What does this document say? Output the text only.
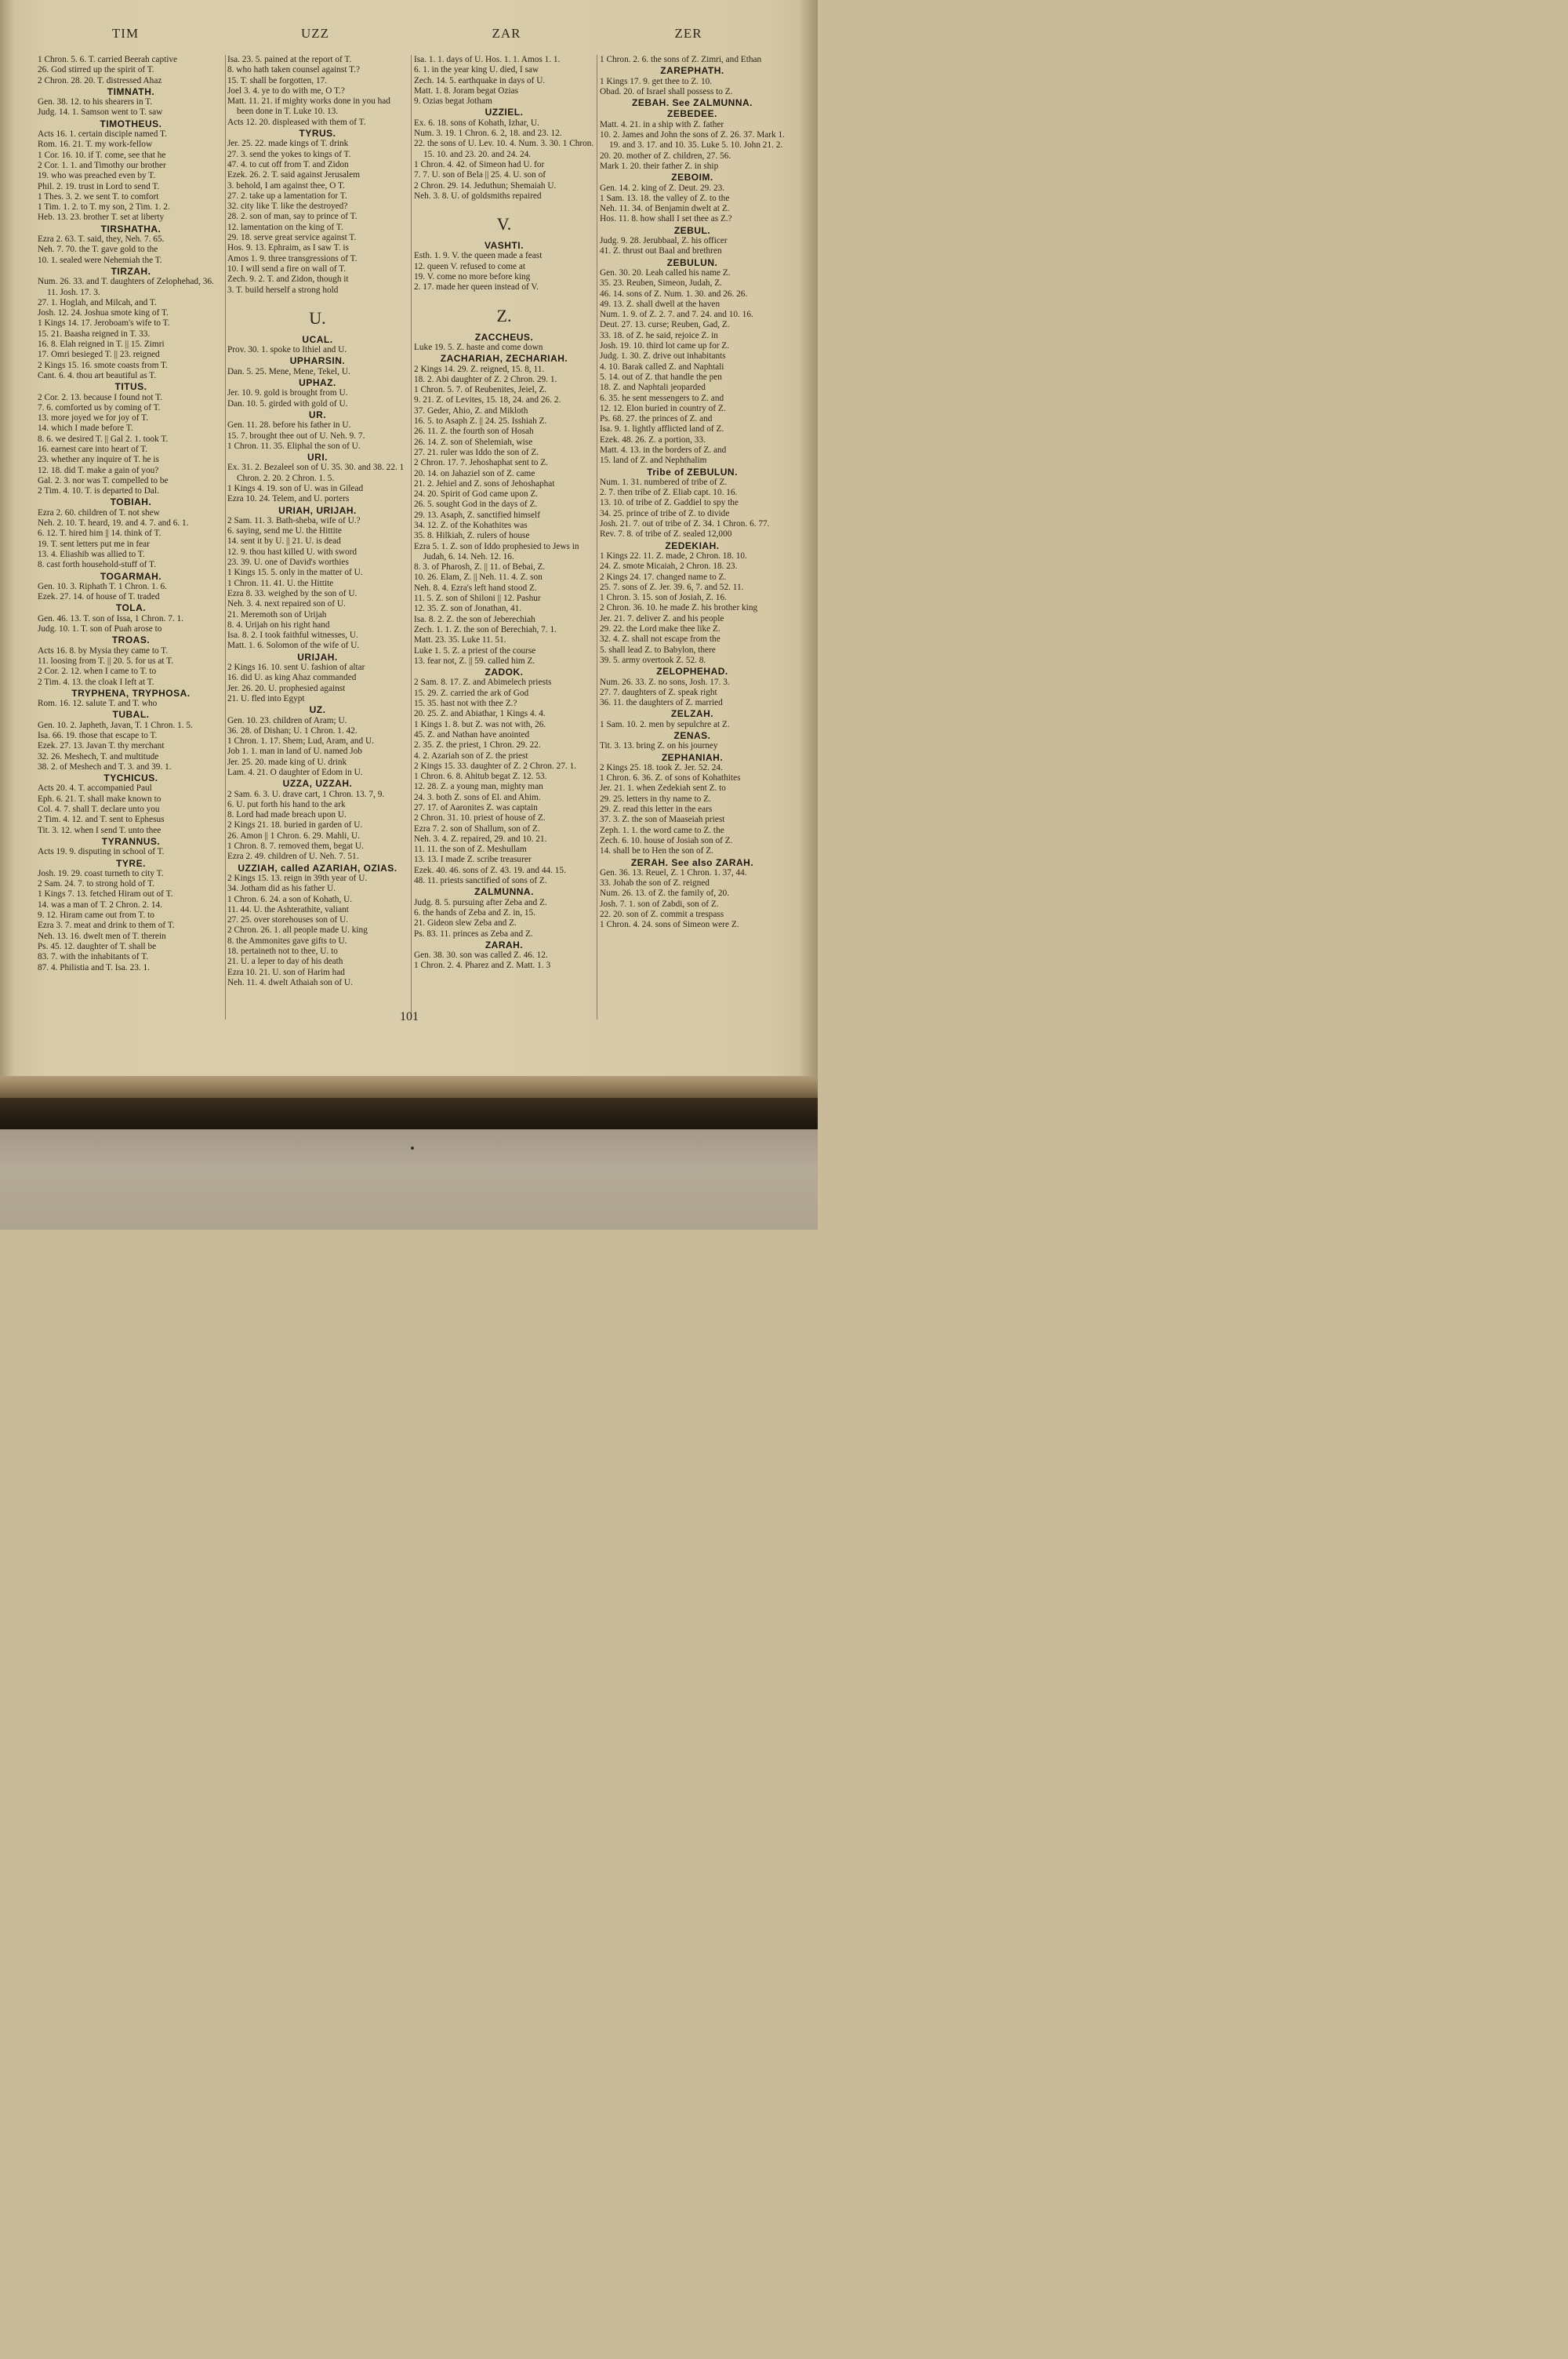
TIM	UZZ	ZAR	ZER
1 Chron. 5. 6. T. carried Beerah captive
26. God stirred up the spirit of T.
2 Chron. 28. 20. T. distressed Ahaz
TIMNATH.
Gen. 38. 12. to his shearers in T.
Judg. 14. 1. Samson went to T. saw
TIMOTHEUS.
Acts 16. 1. certain disciple named T.
Rom. 16. 21. T. my work-fellow
1 Cor. 16. 10. if T. come, see that he
2 Cor. 1. 1. and Timothy our brother
19. who was preached even by T.
Phil. 2. 19. trust in Lord to send T.
1 Thes. 3. 2. we sent T. to comfort
1 Tim. 1. 2. to T. my son, 2 Tim. 1. 2.
Heb. 13. 23. brother T. set at liberty
TIRSHATHA.
Ezra 2. 63. T. said, they, Neh. 7. 65.
Neh. 7. 70. the T. gave gold to the
10. 1. sealed were Nehemiah the T.
TIRZAH.
Num. 26. 33. and T. daughters of Zelophehad, 36. 11. Josh. 17. 3.
27. 1. Hoglah, and Milcah, and T.
Josh. 12. 24. Joshua smote king of T.
1 Kings 14. 17. Jeroboam's wife to T.
15. 21. Baasha reigned in T. 33.
16. 8. Elah reigned in T. || 15. Zimri
17. Omri besieged T. || 23. reigned
2 Kings 15. 16. smote coasts from T.
Cant. 6. 4. thou art beautiful as T.
TITUS.
2 Cor. 2. 13. because I found not T.
7. 6. comforted us by coming of T.
13. more joyed we for joy of T.
14. which I made before T.
8. 6. we desired T. || Gal 2. 1. took T.
16. earnest care into heart of T.
23. whether any inquire of T. he is
12. 18. did T. make a gain of you?
Gal. 2. 3. nor was T. compelled to be
2 Tim. 4. 10. T. is departed to Dal.
TOBIAH.
Ezra 2. 60. children of T. not shew
Neh. 2. 10. T. heard, 19. and 4. 7. and 6. 1.
6. 12. T. hired him || 14. think of T.
19. T. sent letters put me in fear
13. 4. Eliashib was allied to T.
8. cast forth household-stuff of T.
TOGARMAH.
Gen. 10. 3. Riphath T. 1 Chron. 1. 6.
Ezek. 27. 14. of house of T. traded
TOLA.
Gen. 46. 13. T. son of Issa, 1 Chron. 7. 1.
Judg. 10. 1. T. son of Puah arose to
TROAS.
Acts 16. 8. by Mysia they came to T.
11. loosing from T. || 20. 5. for us at T.
2 Cor. 2. 12. when I came to T. to
2 Tim. 4. 13. the cloak I left at T.
TRYPHENA, TRYPHOSA.
Rom. 16. 12. salute T. and T. who
TUBAL.
Gen. 10. 2. Japheth, Javan, T. 1 Chron. 1. 5.
Isa. 66. 19. those that escape to T.
Ezek. 27. 13. Javan T. thy merchant
32. 26. Meshech, T. and multitude
38. 2. of Meshech and T. 3. and 39. 1.
TYCHICUS.
Acts 20. 4. T. accompanied Paul
Eph. 6. 21. T. shall make known to
Col. 4. 7. shall T. declare unto you
2 Tim. 4. 12. and T. sent to Ephesus
Tit. 3. 12. when I send T. unto thee
TYRANNUS.
Acts 19. 9. disputing in school of T.
TYRE.
Josh. 19. 29. coast turneth to city T.
2 Sam. 24. 7. to strong hold of T.
1 Kings 7. 13. fetched Hiram out of T.
14. was a man of T. 2 Chron. 2. 14.
9. 12. Hiram came out from T. to
Ezra 3. 7. meat and drink to them of T.
Neh. 13. 16. dwelt men of T. therein
Ps. 45. 12. daughter of T. shall be
83. 7. with the inhabitants of T.
87. 4. Philistia and T. Isa. 23. 1.
Isa. 23. 5. pained at the report of T.
8. who hath taken counsel against T.?
15. T. shall be forgotten, 17.
Joel 3. 4. ye to do with me, O T.?
Matt. 11. 21. if mighty works done in you had been done in T. Luke 10. 13.
Acts 12. 20. displeased with them of T.
TYRUS.
Jer. 25. 22. made kings of T. drink
27. 3. send the yokes to kings of T.
47. 4. to cut off from T. and Zidon
Ezek. 26. 2. T. said against Jerusalem
3. behold, I am against thee, O T.
27. 2. take up a lamentation for T.
32. city like T. like the destroyed?
28. 2. son of man, say to prince of T.
12. lamentation on the king of T.
29. 18. serve great service against T.
Hos. 9. 13. Ephraim, as I saw T. is
Amos 1. 9. three transgressions of T.
10. I will send a fire on wall of T.
Zech. 9. 2. T. and Zidon, though it
3. T. build herself a strong hold
U.
UCAL.
Prov. 30. 1. spoke to Ithiel and U.
UPHARSIN.
Dan. 5. 25. Mene, Mene, Tekel, U.
UPHAZ.
Jer. 10. 9. gold is brought from U.
Dan. 10. 5. girded with gold of U.
UR.
Gen. 11. 28. before his father in U.
15. 7. brought thee out of U. Neh. 9. 7.
1 Chron. 11. 35. Eliphal the son of U.
URI.
Ex. 31. 2. Bezaleel son of U. 35. 30. and 38. 22. 1 Chron. 2. 20. 2 Chron. 1. 5.
1 Kings 4. 19. son of U. was in Gilead
Ezra 10. 24. Telem, and U. porters
URIAH, URIJAH.
2 Sam. 11. 3. Bath-sheba, wife of U.?
6. saying, send me U. the Hittite
14. sent it by U. || 21. U. is dead
12. 9. thou hast killed U. with sword
23. 39. U. one of David's worthies
1 Kings 15. 5. only in the matter of U.
1 Chron. 11. 41. U. the Hittite
Ezra 8. 33. weighed by the son of U.
Neh. 3. 4. next repaired son of U.
21. Meremoth son of Urijah
8. 4. Urijah on his right hand
Isa. 8. 2. I took faithful witnesses, U.
Matt. 1. 6. Solomon of the wife of U.
URIJAH.
2 Kings 16. 10. sent U. fashion of altar
16. did U. as king Ahaz commanded
Jer. 26. 20. U. prophesied against
21. U. fled into Egypt
UZ.
Gen. 10. 23. children of Aram; U.
36. 28. of Dishan; U. 1 Chron. 1. 42.
1 Chron. 1. 17. Shem; Lud, Aram, and U.
Job 1. 1. man in land of U. named Job
Jer. 25. 20. made king of U. drink
Lam. 4. 21. O daughter of Edom in U.
UZZA, UZZAH.
2 Sam. 6. 3. U. drave cart, 1 Chron. 13. 7, 9.
6. U. put forth his hand to the ark
8. Lord had made breach upon U.
2 Kings 21. 18. buried in garden of U.
26. Amon || 1 Chron. 6. 29. Mahli, U.
1 Chron. 8. 7. removed them, begat U.
Ezra 2. 49. children of U. Neh. 7. 51.
UZZIAH, called AZARIAH, OZIAS.
2 Kings 15. 13. reign in 39th year of U.
34. Jotham did as his father U.
1 Chron. 6. 24. a son of Kohath, U.
11. 44. U. the Ashterathite, valiant
27. 25. over storehouses son of U.
2 Chron. 26. 1. all people made U. king
8. the Ammonites gave gifts to U.
18. pertaineth not to thee, U. to
21. U. a leper to day of his death
Ezra 10. 21. U. son of Harim had
Neh. 11. 4. dwelt Athaiah son of U.
Isa. 1. 1. days of U. Hos. 1. 1. Amos 1. 1.
6. 1. in the year king U. died, I saw
Zech. 14. 5. earthquake in days of U.
Matt. 1. 8. Joram begat Ozias
9. Ozias begat Jotham
UZZIEL.
Ex. 6. 18. sons of Kohath, Izhar, U.
Num. 3. 19. 1 Chron. 6. 2, 18. and 23. 12.
22. the sons of U. Lev. 10. 4. Num. 3. 30. 1 Chron. 15. 10. and 23. 20. and 24. 24.
1 Chron. 4. 42. of Simeon had U. for
7. 7. U. son of Bela || 25. 4. U. son of
2 Chron. 29. 14. Jeduthun; Shemaiah U.
Neh. 3. 8. U. of goldsmiths repaired
V.
VASHTI.
Esth. 1. 9. V. the queen made a feast
12. queen V. refused to come at
19. V. come no more before king
2. 17. made her queen instead of V.
Z.
ZACCHEUS.
Luke 19. 5. Z. haste and come down
ZACHARIAH, ZECHARIAH.
2 Kings 14. 29. Z. reigned, 15. 8, 11.
18. 2. Abi daughter of Z. 2 Chron. 29. 1.
1 Chron. 5. 7. of Reubenites, Jeiel, Z.
9. 21. Z. of Levites, 15. 18, 24. and 26. 2.
37. Geder, Ahio, Z. and Mikloth
16. 5. to Asaph Z. || 24. 25. Isshiah Z.
26. 11. Z. the fourth son of Hosah
26. 14. Z. son of Shelemiah, wise
27. 21. ruler was Iddo the son of Z.
2 Chron. 17. 7. Jehoshaphat sent to Z.
20. 14. on Jahaziel son of Z. came
21. 2. Jehiel and Z. sons of Jehoshaphat
24. 20. Spirit of God came upon Z.
26. 5. sought God in the days of Z.
29. 13. Asaph, Z. sanctified himself
34. 12. Z. of the Kohathites was
35. 8. Hilkiah, Z. rulers of house
Ezra 5. 1. Z. son of Iddo prophesied to Jews in Judah, 6. 14. Neh. 12. 16.
8. 3. of Pharosh, Z. || 11. of Bebai, Z.
10. 26. Elam, Z. || Neh. 11. 4. Z. son
Neh. 8. 4. Ezra's left hand stood Z.
11. 5. Z. son of Shiloni || 12. Pashur
12. 35. Z. son of Jonathan, 41.
Isa. 8. 2. Z. the son of Jeberechiah
Zech. 1. 1. Z. the son of Berechiah, 7. 1.
Matt. 23. 35. Luke 11. 51.
Luke 1. 5. Z. a priest of the course
13. fear not, Z. || 59. called him Z.
ZADOK.
2 Sam. 8. 17. Z. and Abimelech priests
15. 29. Z. carried the ark of God
15. 35. hast not with thee Z.?
20. 25. Z. and Abiathar, 1 Kings 4. 4.
1 Kings 1. 8. but Z. was not with, 26.
45. Z. and Nathan have anointed
2. 35. Z. the priest, 1 Chron. 29. 22.
4. 2. Azariah son of Z. the priest
2 Kings 15. 33. daughter of Z. 2 Chron. 27. 1.
1 Chron. 6. 8. Ahitub begat Z. 12. 53.
12. 28. Z. a young man, mighty man
24. 3. both Z. sons of El. and Ahim.
27. 17. of Aaronites Z. was captain
2 Chron. 31. 10. priest of house of Z.
Ezra 7. 2. son of Shallum, son of Z.
Neh. 3. 4. Z. repaired, 29. and 10. 21.
11. 11. the son of Z. Meshullam
13. 13. I made Z. scribe treasurer
Ezek. 40. 46. sons of Z. 43. 19. and 44. 15.
48. 11. priests sanctified of sons of Z.
ZALMUNNA.
Judg. 8. 5. pursuing after Zeba and Z.
6. the hands of Zeba and Z. in, 15.
21. Gideon slew Zeba and Z.
Ps. 83. 11. princes as Zeba and Z.
ZARAH.
Gen. 38. 30. son was called Z. 46. 12.
1 Chron. 2. 4. Pharez and Z. Matt. 1. 3
1 Chron. 2. 6. the sons of Z. Zimri, and Ethan
ZAREPHATH.
1 Kings 17. 9. get thee to Z. 10.
Obad. 20. of Israel shall possess to Z.
ZEBAH. See ZALMUNNA.
ZEBEDEE.
Matt. 4. 21. in a ship with Z. father
10. 2. James and John the sons of Z. 26. 37. Mark 1. 19. and 3. 17. and 10. 35. Luke 5. 10. John 21. 2.
20. 20. mother of Z. children, 27. 56.
Mark 1. 20. their father Z. in ship
ZEBOIM.
Gen. 14. 2. king of Z. Deut. 29. 23.
1 Sam. 13. 18. the valley of Z. to the
Neh. 11. 34. of Benjamin dwelt at Z.
Hos. 11. 8. how shall I set thee as Z.?
ZEBUL.
Judg. 9. 28. Jerubbaal, Z. his officer
41. Z. thrust out Baal and brethren
ZEBULUN.
Gen. 30. 20. Leah called his name Z.
35. 23. Reuben, Simeon, Judah, Z.
46. 14. sons of Z. Num. 1. 30. and 26. 26.
49. 13. Z. shall dwell at the haven
Num. 1. 9. of Z. 2. 7. and 7. 24. and 10. 16.
Deut. 27. 13. curse; Reuben, Gad, Z.
33. 18. of Z. he said, rejoice Z. in
Josh. 19. 10. third lot came up for Z.
Judg. 1. 30. Z. drive out inhabitants
4. 10. Barak called Z. and Naphtali
5. 14. out of Z. that handle the pen
18. Z. and Naphtali jeoparded
6. 35. he sent messengers to Z. and
12. 12. Elon buried in country of Z.
Ps. 68. 27. the princes of Z. and
Isa. 9. 1. lightly afflicted land of Z.
Ezek. 48. 26. Z. a portion, 33.
Matt. 4. 13. in the borders of Z. and
15. land of Z. and Nephthalim
Tribe of ZEBULUN.
Num. 1. 31. numbered of tribe of Z.
2. 7. then tribe of Z. Eliab capt. 10. 16.
13. 10. of tribe of Z. Gaddiel to spy the
34. 25. prince of tribe of Z. to divide
Josh. 21. 7. out of tribe of Z. 34. 1 Chron. 6. 77.
Rev. 7. 8. of tribe of Z. sealed 12,000
ZEDEKIAH.
1 Kings 22. 11. Z. made, 2 Chron. 18. 10.
24. Z. smote Micaiah, 2 Chron. 18. 23.
2 Kings 24. 17. changed name to Z.
25. 7. sons of Z. Jer. 39. 6, 7. and 52. 11.
1 Chron. 3. 15. son of Josiah, Z. 16.
2 Chron. 36. 10. he made Z. his brother king
Jer. 21. 7. deliver Z. and his people
29. 22. the Lord make thee like Z.
32. 4. Z. shall not escape from the
5. shall lead Z. to Babylon, there
39. 5. army overtook Z. 52. 8.
ZELOPHEHAD.
Num. 26. 33. Z. no sons, Josh. 17. 3.
27. 7. daughters of Z. speak right
36. 11. the daughters of Z. married
ZELZAH.
1 Sam. 10. 2. men by sepulchre at Z.
ZENAS.
Tit. 3. 13. bring Z. on his journey
ZEPHANIAH.
2 Kings 25. 18. took Z. Jer. 52. 24.
1 Chron. 6. 36. Z. of sons of Kohathites
Jer. 21. 1. when Zedekiah sent Z. to
29. 25. letters in thy name to Z.
29. Z. read this letter in the ears
37. 3. Z. the son of Maaseiah priest
Zeph. 1. 1. the word came to Z. the
Zech. 6. 10. house of Josiah son of Z.
14. shall be to Hen the son of Z.
ZERAH. See also ZARAH.
Gen. 36. 13. Reuel, Z. 1 Chron. 1. 37, 44.
33. Johab the son of Z. reigned
Num. 26. 13. of Z. the family of, 20.
Josh. 7. 1. son of Zabdi, son of Z.
22. 20. son of Z. commit a trespass
1 Chron. 4. 24. sons of Simeon were Z.
101
